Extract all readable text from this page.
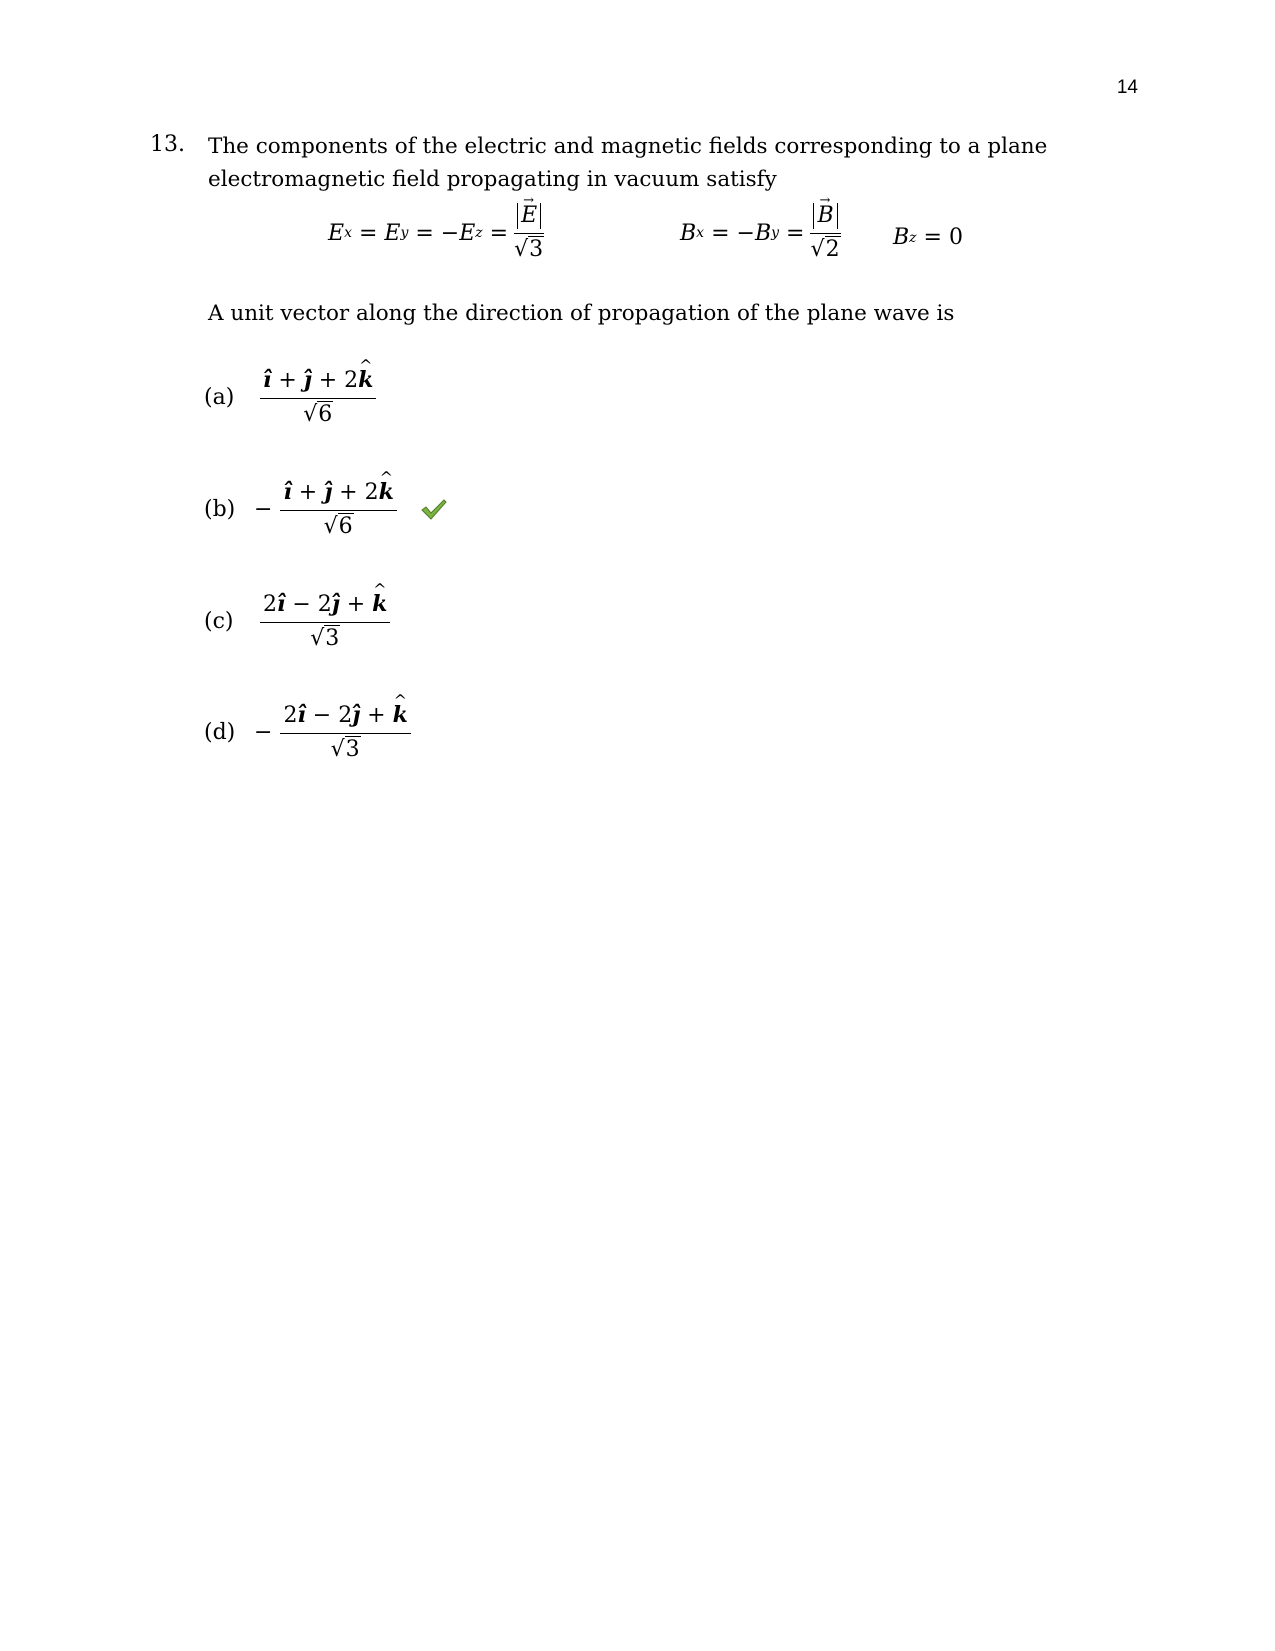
14
13. The components of the electric and magnetic fields corresponding to a plane
electromagnetic field propagating in vacuum satisfy
E x = E y = − E $z = \frac{E \to}{√3}$	B x = − B $y = \frac{B \to}{√2}$ B z = 0
A unit vector along the direction of propagation of the plane wave is
(a)	$\frac{ı̂ + ȷ̂ + 2k \^{}}{√6}$
$(b) - \frac{ı̂ + ȷ̂ + 2k \^{}}{√6}$
(c)	$\frac{2ı̂ - 2ȷ̂ + k \^{}}{√3}$
$(d) - \frac{2ı̂ - 2ȷ̂ + k \^{}}{√3}$
